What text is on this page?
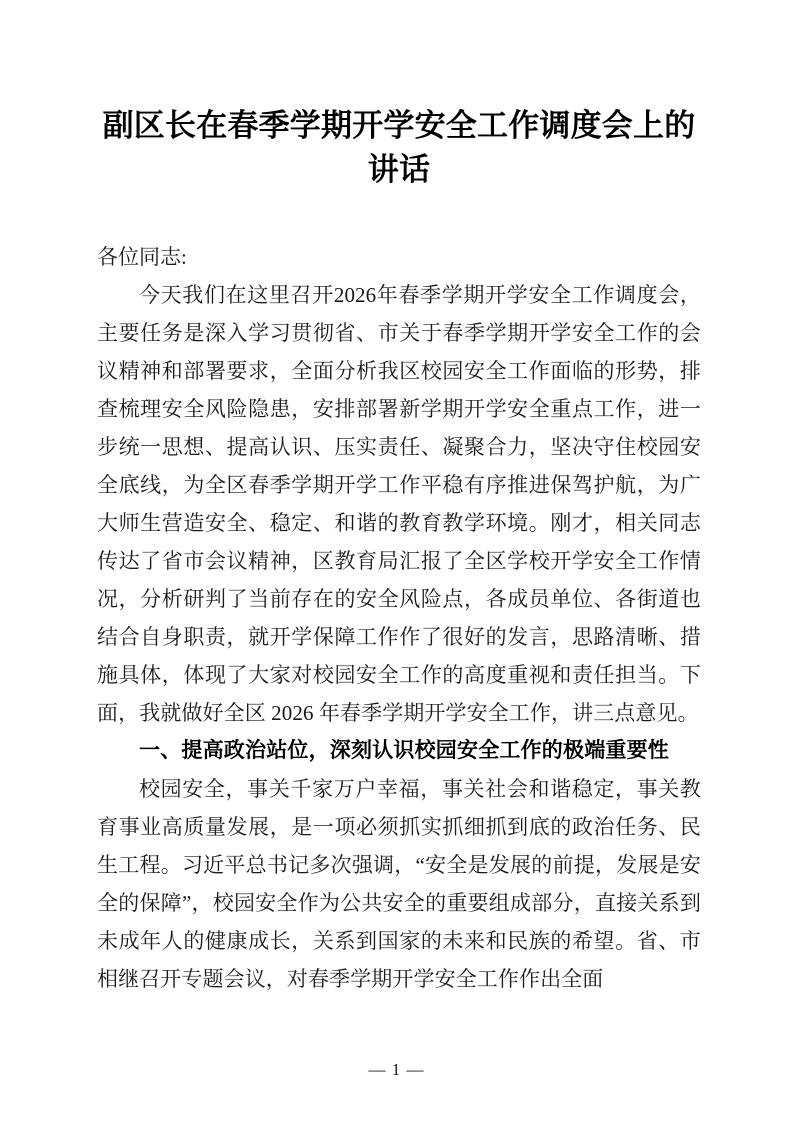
副区长在春季学期开学安全工作调度会上的讲话

各位同志:

今天我们在这里召开2026年春季学期开学安全工作调度会，主要任务是深入学习贯彻省、市关于春季学期开学安全工作的会议精神和部署要求，全面分析我区校园安全工作面临的形势，排查梳理安全风险隐患，安排部署新学期开学安全重点工作，进一步统一思想、提高认识、压实责任、凝聚合力，坚决守住校园安全底线，为全区春季学期开学工作平稳有序推进保驾护航，为广大师生营造安全、稳定、和谐的教育教学环境。刚才，相关同志传达了省市会议精神，区教育局汇报了全区学校开学安全工作情况，分析研判了当前存在的安全风险点，各成员单位、各街道也结合自身职责，就开学保障工作作了很好的发言，思路清晰、措施具体，体现了大家对校园安全工作的高度重视和责任担当。下面，我就做好全区 2026 年春季学期开学安全工作，讲三点意见。

一、提高政治站位，深刻认识校园安全工作的极端重要性

校园安全，事关千家万户幸福，事关社会和谐稳定，事关教育事业高质量发展，是一项必须抓实抓细抓到底的政治任务、民生工程。习近平总书记多次强调，“安全是发展的前提，发展是安全的保障”，校园安全作为公共安全的重要组成部分，直接关系到未成年人的健康成长，关系到国家的未来和民族的希望。省、市相继召开专题会议，对春季学期开学安全工作作出全面

— 1 —
